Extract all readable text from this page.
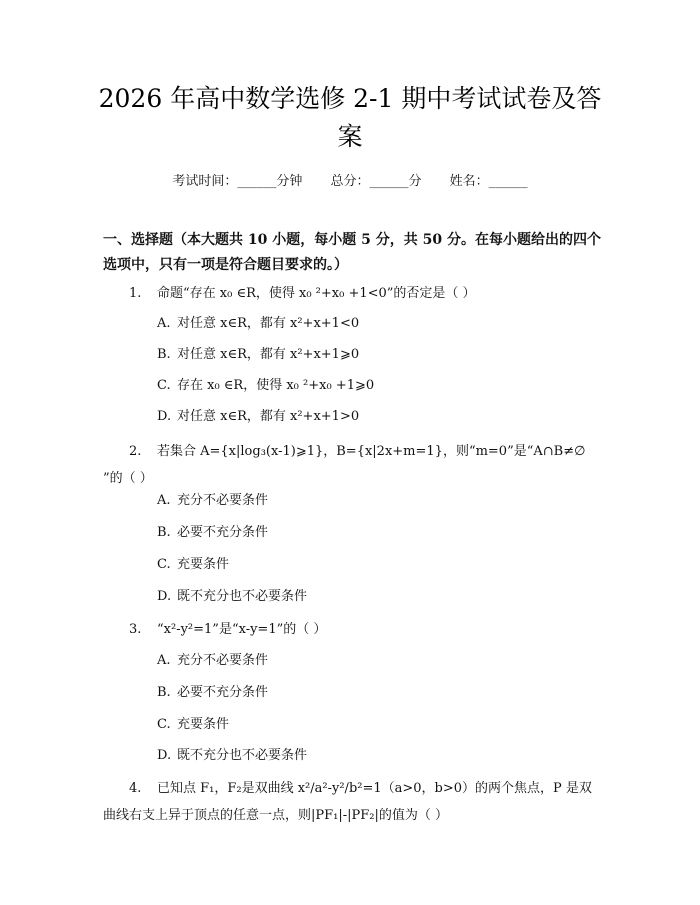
2026 年高中数学选修 2-1 期中考试试卷及答案
考试时间：______分钟 总分：______分 姓名：______
一、选择题（本大题共 10 小题，每小题 5 分，共 50 分。在每小题给出的四个选项中，只有一项是符合题目要求的。）
1. 命题“存在 x₀ ∈R，使得 x₀ ²+x₀ +1<0”的否定是（ ）
A. 对任意 x∈R，都有 x²+x+1<0
B. 对任意 x∈R，都有 x²+x+1⩾0
C. 存在 x₀ ∈R，使得 x₀ ²+x₀ +1⩾0
D. 对任意 x∈R，都有 x²+x+1>0
2. 若集合 A={x|log₃(x-1)⩾1}，B={x|2x+m=1}，则“m=0”是“A∩B≠∅ ”的（ ）
A. 充分不必要条件
B. 必要不充分条件
C. 充要条件
D. 既不充分也不必要条件
3. “x²-y²=1”是“x-y=1”的（ ）
A. 充分不必要条件
B. 必要不充分条件
C. 充要条件
D. 既不充分也不必要条件
4. 已知点 F₁，F₂是双曲线 x²/a²-y²/b²=1（a>0，b>0）的两个焦点，P 是双曲线右支上异于顶点的任意一点，则|PF₁|-|PF₂|的值为（ ）
